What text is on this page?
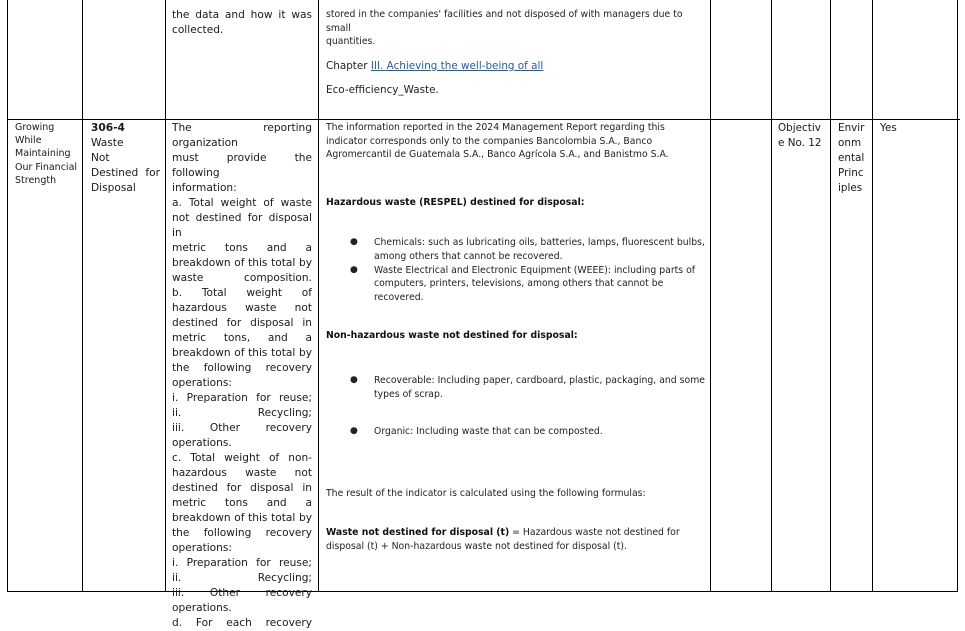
the data and how it was
collected.
stored in the companies' facilities and not disposed of with managers due to small
quantities.
Chapter III. Achieving the well-being of all
Eco-efficiency_Waste.
Growing
While
Maintaining
Our Financial
Strength
306-4 Waste
Not
Destined for
Disposal
The reporting organization
must provide the following
information:
a. Total weight of waste
not destined for disposal in
metric tons and a
breakdown of this total by
waste composition.
b. Total weight of
hazardous waste not
destined for disposal in
metric tons, and a
breakdown of this total by
the following recovery
operations:
i. Preparation for reuse;
ii. Recycling;
iii. Other recovery
operations.
c. Total weight of non-
hazardous waste not
destined for disposal in
metric tons and a
breakdown of this total by
the following recovery
operations:
i. Preparation for reuse;
ii. Recycling;
iii. Other recovery
operations.
d. For each recovery

The information reported in the 2024 Management Report regarding this indicator corresponds only to the companies Bancolombia S.A., Banco Agromercantil de Guatemala S.A., Banco Agrícola S.A., and Banistmo S.A.

Hazardous waste (RESPEL) destined for disposal:

● Chemicals: such as lubricating oils, batteries, lamps, fluorescent bulbs, among others that cannot be recovered.
● Waste Electrical and Electronic Equipment (WEEE): including parts of computers, printers, televisions, among others that cannot be recovered.

Non-hazardous waste not destined for disposal:

● Recoverable: Including paper, cardboard, plastic, packaging, and some types of scrap.
● Organic: Including waste that can be composted.

The result of the indicator is calculated using the following formulas:

Waste not destined for disposal (t) = Hazardous waste not destined for disposal (t) + Non-hazardous waste not destined for disposal (t).

Objectiv
e No. 12
Envir
onm
ental
Princ
iples
Yes
